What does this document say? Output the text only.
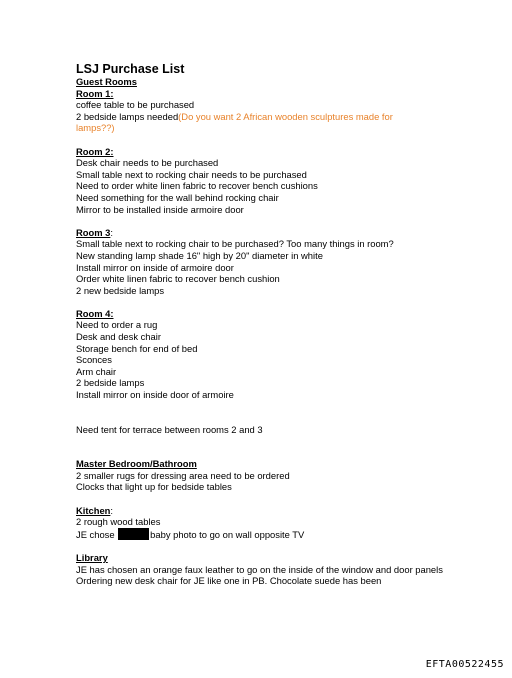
LSJ Purchase List
Guest Rooms
Room 1:
coffee table to be purchased
2 bedside lamps needed(Do you want 2 African wooden sculptures made for lamps??)
Room 2:
Desk chair needs to be purchased
Small table next to rocking chair needs to be purchased
Need to order white linen fabric to recover bench cushions
Need something for the wall behind rocking chair
Mirror to be installed inside armoire door
Room 3:
Small table next to rocking chair to be purchased? Too many things in room?
New standing lamp shade 16" high by 20" diameter in white
Install mirror on inside of armoire door
Order white linen fabric to recover bench cushion
2 new bedside lamps
Room 4:
Need to order a rug
Desk and desk chair
Storage bench for end of bed
Sconces
Arm chair
2 bedside lamps
Install mirror on inside door of armoire
Need tent for terrace between rooms 2 and 3
Master Bedroom/Bathroom
2 smaller rugs for dressing area need to be ordered
Clocks that light up for bedside tables
Kitchen:
2 rough wood tables
JE chose	baby photo to go on wall opposite TV
Library
JE has chosen an orange faux leather to go on the inside of the window and door panels
Ordering new desk chair for JE like one in PB. Chocolate suede has been
EFTA00522455
